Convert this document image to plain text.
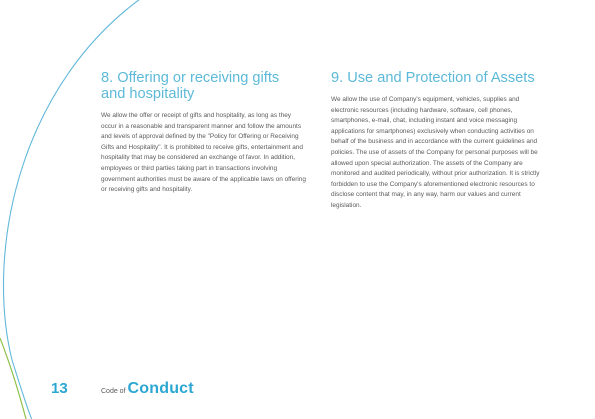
8. Offering or receiving gifts and hospitality

We allow the offer or receipt of gifts and hospitality, as long as they occur in a reasonable and transparent manner and follow the amounts and levels of approval defined by the "Policy for Offering or Receiving Gifts and Hospitality". It is prohibited to receive gifts, entertainment and hospitality that may be considered an exchange of favor. In addition, employees or third parties taking part in transactions involving government authorities must be aware of the applicable laws on offering or receiving gifts and hospitality.

9. Use and Protection of Assets

We allow the use of Company's equipment, vehicles, supplies and electronic resources (including hardware, software, cell phones, smartphones, e-mail, chat, including instant and voice messaging applications for smartphones) exclusively when conducting activities on behalf of the business and in accordance with the current guidelines and policies. The use of assets of the Company for personal purposes will be allowed upon special authorization. The assets of the Company are monitored and audited periodically, without prior authorization. It is strictly forbidden to use the Company's aforementioned electronic resources to disclose content that may, in any way, harm our values and current legislation.

13	Code of Conduct
